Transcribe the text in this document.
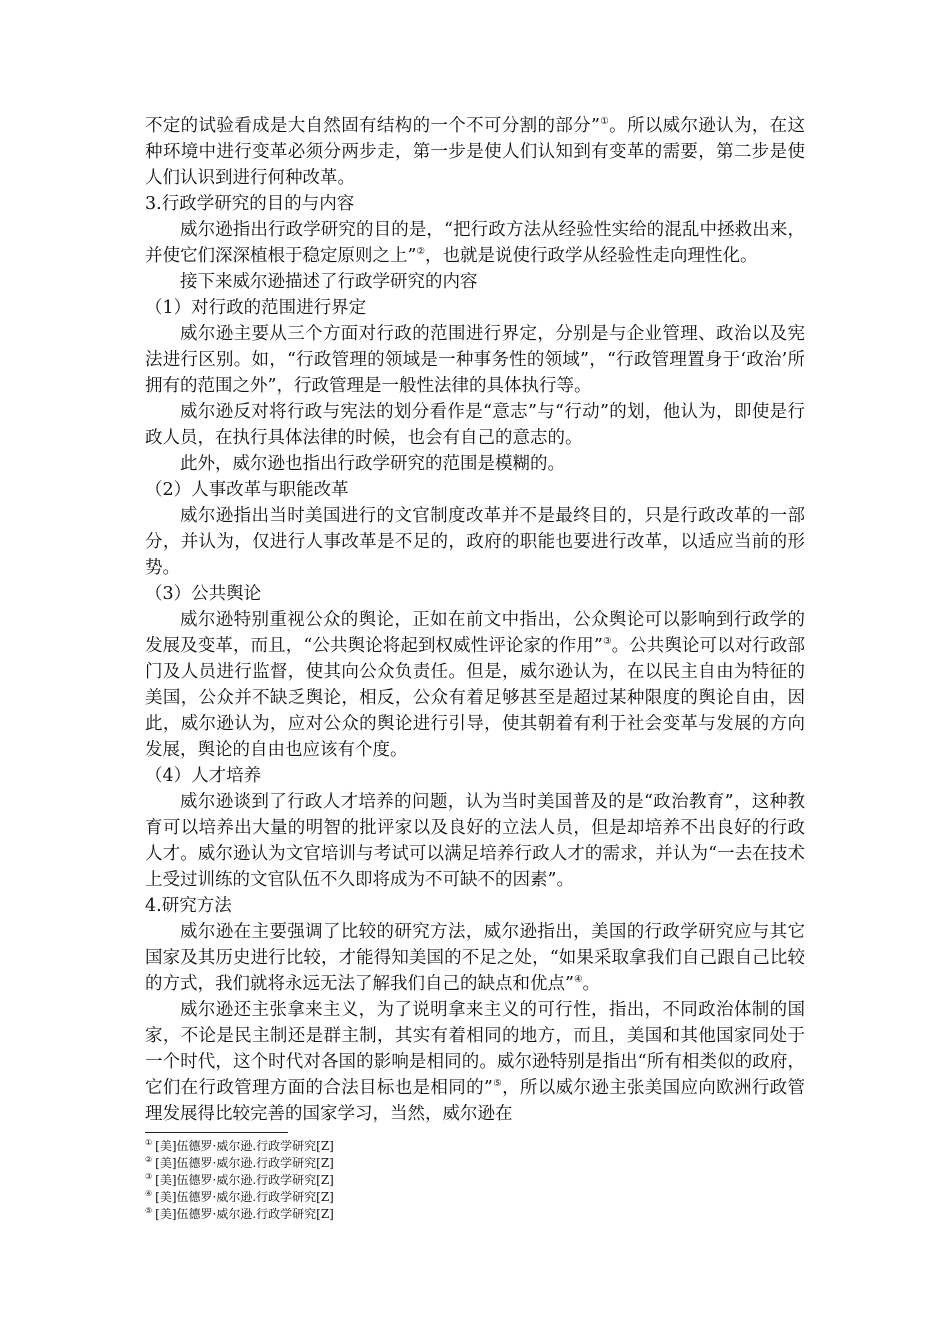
不定的试验看成是大自然固有结构的一个不可分割的部分”①。所以威尔逊认为，在这种环境中进行变革必须分两步走，第一步是使人们认知到有变革的需要，第二步是使人们认识到进行何种改革。

3.行政学研究的目的与内容

威尔逊指出行政学研究的目的是，“把行政方法从经验性实给的混乱中拯救出来，并使它们深深植根于稳定原则之上”②，也就是说使行政学从经验性走向理性化。

接下来威尔逊描述了行政学研究的内容

（1）对行政的范围进行界定

威尔逊主要从三个方面对行政的范围进行界定，分别是与企业管理、政治以及宪法进行区别。如，“行政管理的领域是一种事务性的领域”，“行政管理置身于‘政治’所拥有的范围之外”，行政管理是一般性法律的具体执行等。

威尔逊反对将行政与宪法的划分看作是“意志”与“行动”的划，他认为，即使是行政人员，在执行具体法律的时候，也会有自己的意志的。

此外，威尔逊也指出行政学研究的范围是模糊的。

（2）人事改革与职能改革

威尔逊指出当时美国进行的文官制度改革并不是最终目的，只是行政改革的一部分，并认为，仅进行人事改革是不足的，政府的职能也要进行改革，以适应当前的形势。

（3）公共舆论

威尔逊特别重视公众的舆论，正如在前文中指出，公众舆论可以影响到行政学的发展及变革，而且，“公共舆论将起到权威性评论家的作用”③。公共舆论可以对行政部门及人员进行监督，使其向公众负责任。但是，威尔逊认为，在以民主自由为特征的美国，公众并不缺乏舆论，相反，公众有着足够甚至是超过某种限度的舆论自由，因此，威尔逊认为，应对公众的舆论进行引导，使其朝着有利于社会变革与发展的方向发展，舆论的自由也应该有个度。

（4）人才培养

威尔逊谈到了行政人才培养的问题，认为当时美国普及的是“政治教育”，这种教育可以培养出大量的明智的批评家以及良好的立法人员，但是却培养不出良好的行政人才。威尔逊认为文官培训与考试可以满足培养行政人才的需求，并认为“一去在技术上受过训练的文官队伍不久即将成为不可缺不的因素”。

4.研究方法

威尔逊在主要强调了比较的研究方法，威尔逊指出，美国的行政学研究应与其它国家及其历史进行比较，才能得知美国的不足之处，“如果采取拿我们自己跟自己比较的方式，我们就将永远无法了解我们自己的缺点和优点”④。

威尔逊还主张拿来主义，为了说明拿来主义的可行性，指出，不同政治体制的国家，不论是民主制还是群主制，其实有着相同的地方，而且，美国和其他国家同处于一个时代，这个时代对各国的影响是相同的。威尔逊特别是指出“所有相类似的政府，它们在行政管理方面的合法目标也是相同的”⑤，所以威尔逊主张美国应向欧洲行政管理发展得比较完善的国家学习，当然，威尔逊在

① [美]伍德罗·威尔逊.行政学研究[Z]
② [美]伍德罗·威尔逊.行政学研究[Z]
③ [美]伍德罗·威尔逊.行政学研究[Z]
④ [美]伍德罗·威尔逊.行政学研究[Z]
⑤ [美]伍德罗·威尔逊.行政学研究[Z]
